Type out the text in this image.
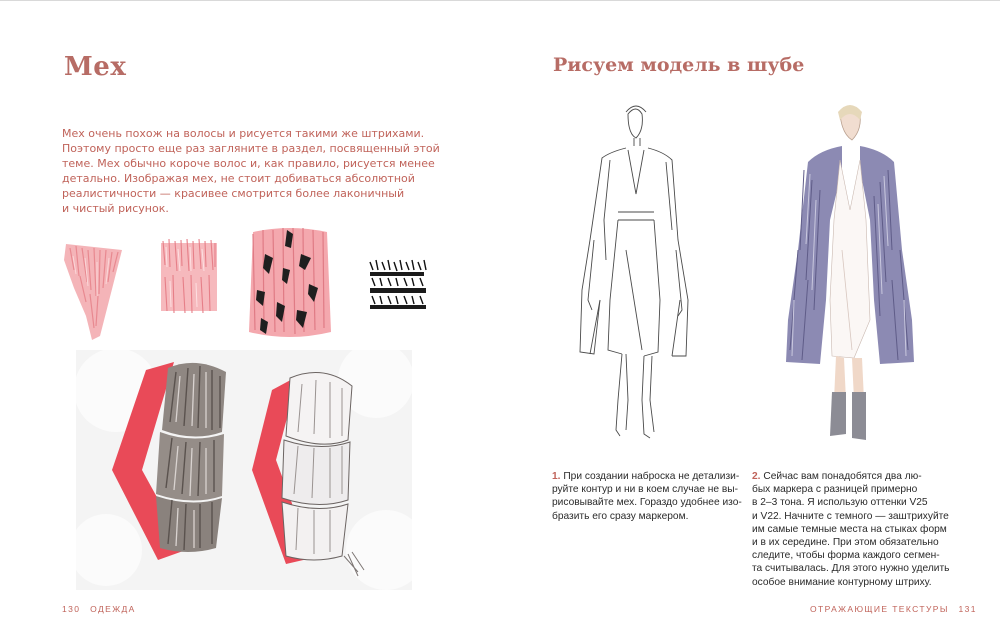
Мех

Мех очень похож на волосы и рисуется такими же штрихами.
Поэтому просто еще раз загляните в раздел, посвященный этой
теме. Мех обычно короче волос и, как правило, рисуется менее
детально. Изображая мех, не стоит добиваться абсолютной
реалистичности — красивее смотрится более лаконичный
и чистый рисунок.

130 ОДЕЖДА
Рисуем модель в шубе
1. При создании наброска не детализи-
руйте контур и ни в коем случае не вы-
рисовывайте мех. Гораздо удобнее изо-
бразить его сразу маркером.
2. Сейчас вам понадобятся два лю-
бых маркера с разницей примерно
в 2–3 тона. Я использую оттенки V25
и V22. Начните с темного — заштрихуйте
им самые темные места на стыках форм
и в их середине. При этом обязательно
следите, чтобы форма каждого сегмен-
та считывалась. Для этого нужно уделить
особое внимание контурному штриху.
ОТРАЖАЮЩИЕ ТЕКСТУРЫ 131
